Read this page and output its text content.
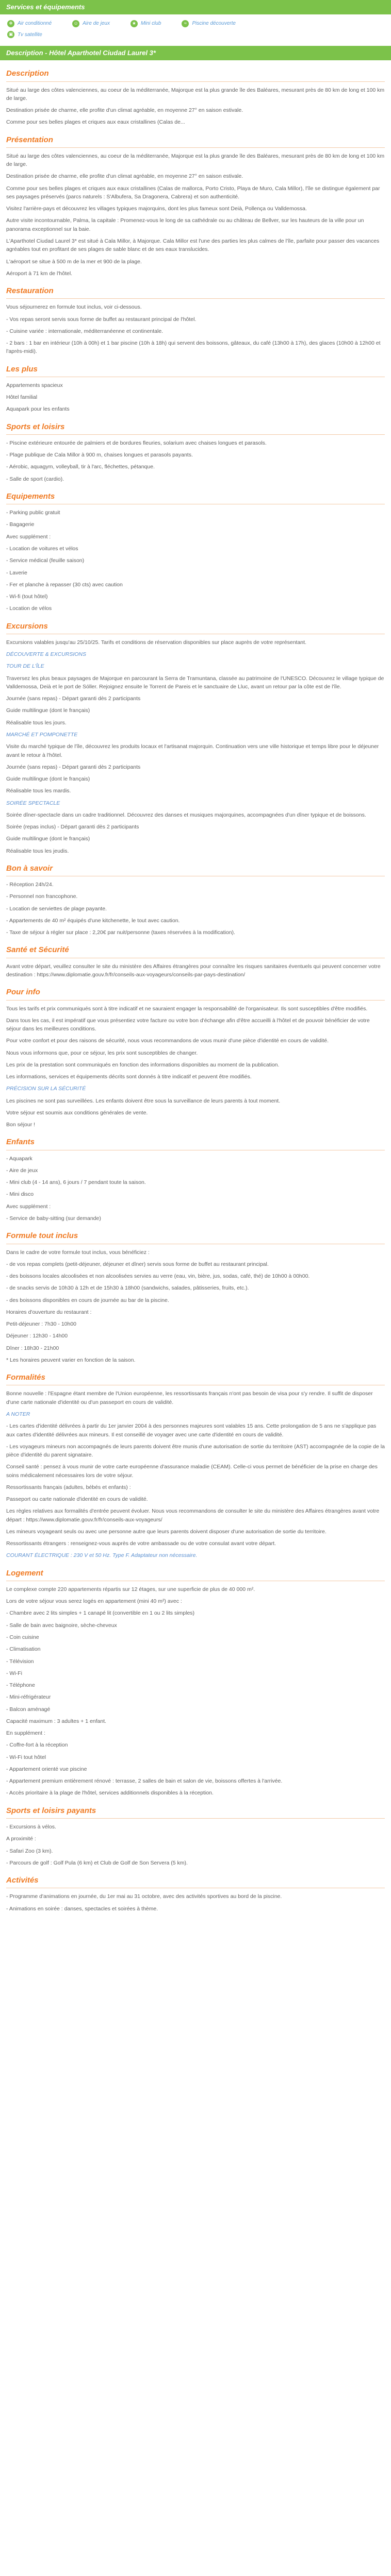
Services et équipements
❄ Air conditionné	☺ Aire de jeux	★ Mini club	≈	Piscine découverte
▣ Tv satellite
Description - Hôtel Aparthotel Ciudad Laurel 3*
Description

Situé au large des côtes valenciennes, au coeur de la méditerranée, Majorque est la plus grande île des Baléares, mesurant près de 80 km de long et 100 km de large.

Destination prisée de charme, elle profite d'un climat agréable, en moyenne 27° en saison estivale.

Comme pour ses belles plages et criques aux eaux cristallines (Calas de...

Présentation

Situé au large des côtes valenciennes, au coeur de la méditerranée, Majorque est la plus grande île des Baléares, mesurant près de 80 km de long et 100 km de large.

Destination prisée de charme, elle profite d'un climat agréable, en moyenne 27° en saison estivale.

Comme pour ses belles plages et criques aux eaux cristallines (Calas de mallorca, Porto Cristo, Playa de Muro, Cala Millor), l'île se distingue également par ses paysages préservés (parcs naturels : S'Albufera, Sa Dragonera, Cabrera) et son authenticité.

Visitez l'arrière-pays et découvrez les villages typiques majorquins, dont les plus fameux sont Deià, Pollença ou Valldemossa.

Autre visite incontournable, Palma, la capitale : Promenez-vous le long de sa cathédrale ou au château de Bellver, sur les hauteurs de la ville pour un panorama exceptionnel sur la baie.

L'Aparthotel Ciudad Laurel 3* est situé à Cala Millor, à Majorque. Cala Millor est l'une des parties les plus calmes de l'île, parfaite pour passer des vacances agréables tout en profitant de ses plages de sable blanc et de ses eaux translucides.

L'aéroport se situe à 500 m de la mer et 900 de la plage.

Aéroport à 71 km de l'hôtel.

Restauration

Vous séjournerez en formule tout inclus, voir ci-dessous.

- Vos repas seront servis sous forme de buffet au restaurant principal de l'hôtel.

- Cuisine variée : internationale, méditerranéenne et continentale.

- 2 bars : 1 bar en intérieur (10h à 00h) et 1 bar piscine (10h à 18h) qui servent des boissons, gâteaux, du café (13h00 à 17h), des glaces (10h00 à 12h00 et l'après-midi).

Les plus

Appartements spacieux

Hôtel familial

Aquapark pour les enfants

Sports et loisirs

- Piscine extérieure entourée de palmiers et de bordures fleuries, solarium avec chaises longues et parasols.

- Plage publique de Cala Millor à 900 m, chaises longues et parasols payants.

- Aérobic, aquagym, volleyball, tir à l'arc, fléchettes, pétanque.

- Salle de sport (cardio).

Equipements

- Parking public gratuit

- Bagagerie

Avec supplément :

- Location de voitures et vélos

- Service médical (feuille saison)

- Laverie

- Fer et planche à repasser (30 cts) avec caution

- Wi-fi (tout hôtel)

- Location de vélos

Excursions

Excursions valables jusqu'au 25/10/25. Tarifs et conditions de réservation disponibles sur place auprès de votre représentant.

DÉCOUVERTE & EXCURSIONS

TOUR DE L'ÎLE

Traversez les plus beaux paysages de Majorque en parcourant la Serra de Tramuntana, classée au patrimoine de l'UNESCO. Découvrez le village typique de Valldemossa, Deià et le port de Sóller. Rejoignez ensuite le Torrent de Pareis et le sanctuaire de Lluc, avant un retour par la côte est de l'île.

Journée (sans repas) - Départ garanti dès 2 participants

Guide multilingue (dont le français)

Réalisable tous les jours.

MARCHÉ ET POMPONETTE

Visite du marché typique de l'île, découvrez les produits locaux et l'artisanat majorquin. Continuation vers une ville historique et temps libre pour le déjeuner avant le retour à l'hôtel.

Journée (sans repas) - Départ garanti dès 2 participants

Guide multilingue (dont le français)

Réalisable tous les mardis.

SOIRÉE SPECTACLE

Soirée dîner-spectacle dans un cadre traditionnel. Découvrez des danses et musiques majorquines, accompagnées d'un dîner typique et de boissons.

Soirée (repas inclus) - Départ garanti dès 2 participants

Guide multilingue (dont le français)

Réalisable tous les jeudis.

Bon à savoir

- Réception 24h/24.

- Personnel non francophone.

- Location de serviettes de plage payante.

- Appartements de 40 m² équipés d'une kitchenette, le tout avec caution.

- Taxe de séjour à régler sur place : 2,20€ par nuit/personne (taxes réservées à la modification).

Santé et Sécurité

Avant votre départ, veuillez consulter le site du ministère des Affaires étrangères pour connaître les risques sanitaires éventuels qui peuvent concerner votre destination : https://www.diplomatie.gouv.fr/fr/conseils-aux-voyageurs/conseils-par-pays-destination/

Pour info

Tous les tarifs et prix communiqués sont à titre indicatif et ne sauraient engager la responsabilité de l'organisateur. Ils sont susceptibles d'être modifiés.

Dans tous les cas, il est impératif que vous présentiez votre facture ou votre bon d'échange afin d'être accueilli à l'hôtel et de pouvoir bénéficier de votre séjour dans les meilleures conditions.

Pour votre confort et pour des raisons de sécurité, nous vous recommandons de vous munir d'une pièce d'identité en cours de validité.

Nous vous informons que, pour ce séjour, les prix sont susceptibles de changer.

Les prix de la prestation sont communiqués en fonction des informations disponibles au moment de la publication.

Les informations, services et équipements décrits sont donnés à titre indicatif et peuvent être modifiés.

PRÉCISION SUR LA SÉCURITÉ

Les piscines ne sont pas surveillées. Les enfants doivent être sous la surveillance de leurs parents à tout moment.

Votre séjour est soumis aux conditions générales de vente.

Bon séjour !

Enfants

- Aquapark

- Aire de jeux

- Mini club (4 - 14 ans), 6 jours / 7 pendant toute la saison.

- Mini disco

Avec supplément :

- Service de baby-sitting (sur demande)

Formule tout inclus

Dans le cadre de votre formule tout inclus, vous bénéficiez :

- de vos repas complets (petit-déjeuner, déjeuner et dîner) servis sous forme de buffet au restaurant principal.

- des boissons locales alcoolisées et non alcoolisées servies au verre (eau, vin, bière, jus, sodas, café, thé) de 10h00 à 00h00.

- de snacks servis de 10h30 à 12h et de 15h30 à 18h00 (sandwichs, salades, pâtisseries, fruits, etc.).

- des boissons disponibles en cours de journée au bar de la piscine.

Horaires d'ouverture du restaurant :

Petit-déjeuner : 7h30 - 10h00

Déjeuner : 12h30 - 14h00

Dîner : 18h30 - 21h00

* Les horaires peuvent varier en fonction de la saison.

Formalités

Bonne nouvelle : l'Espagne étant membre de l'Union européenne, les ressortissants français n'ont pas besoin de visa pour s'y rendre. Il suffit de disposer d'une carte nationale d'identité ou d'un passeport en cours de validité.

A NOTER

- Les cartes d'identité délivrées à partir du 1er janvier 2004 à des personnes majeures sont valables 15 ans. Cette prolongation de 5 ans ne s'applique pas aux cartes d'identité délivrées aux mineurs. Il est conseillé de voyager avec une carte d'identité en cours de validité.

- Les voyageurs mineurs non accompagnés de leurs parents doivent être munis d'une autorisation de sortie du territoire (AST) accompagnée de la copie de la pièce d'identité du parent signataire.

Conseil santé : pensez à vous munir de votre carte européenne d'assurance maladie (CEAM). Celle-ci vous permet de bénéficier de la prise en charge des soins médicalement nécessaires lors de votre séjour.

Ressortissants français (adultes, bébés et enfants) :

Passeport ou carte nationale d'identité en cours de validité.

Les règles relatives aux formalités d'entrée peuvent évoluer. Nous vous recommandons de consulter le site du ministère des Affaires étrangères avant votre départ : https://www.diplomatie.gouv.fr/fr/conseils-aux-voyageurs/

Les mineurs voyageant seuls ou avec une personne autre que leurs parents doivent disposer d'une autorisation de sortie du territoire.

Ressortissants étrangers : renseignez-vous auprès de votre ambassade ou de votre consulat avant votre départ.

COURANT ÉLECTRIQUE : 230 V et 50 Hz. Type F. Adaptateur non nécessaire.

Logement

Le complexe compte 220 appartements répartis sur 12 étages, sur une superficie de plus de 40 000 m².

Lors de votre séjour vous serez logés en appartement (mini 40 m²) avec :

- Chambre avec 2 lits simples + 1 canapé lit (convertible en 1 ou 2 lits simples)

- Salle de bain avec baignoire, sèche-cheveux

- Coin cuisine

- Climatisation

- Télévision

- Wi-Fi

- Téléphone

- Mini-réfrigérateur

- Balcon aménagé

Capacité maximum : 3 adultes + 1 enfant.

En supplément :

- Coffre-fort à la réception

- Wi-Fi tout hôtel

- Appartement orienté vue piscine

- Appartement premium entièrement rénové : terrasse, 2 salles de bain et salon de vie, boissons offertes à l'arrivée.

- Accès prioritaire à la plage de l'hôtel, services additionnels disponibles à la réception.

Sports et loisirs payants

- Excursions à vélos.

A proximité :

- Safari Zoo (3 km).

- Parcours de golf : Golf Pula (6 km) et Club de Golf de Son Servera (5 km).

Activités

- Programme d'animations en journée, du 1er mai au 31 octobre, avec des activités sportives au bord de la piscine.

- Animations en soirée : danses, spectacles et soirées à thème.
